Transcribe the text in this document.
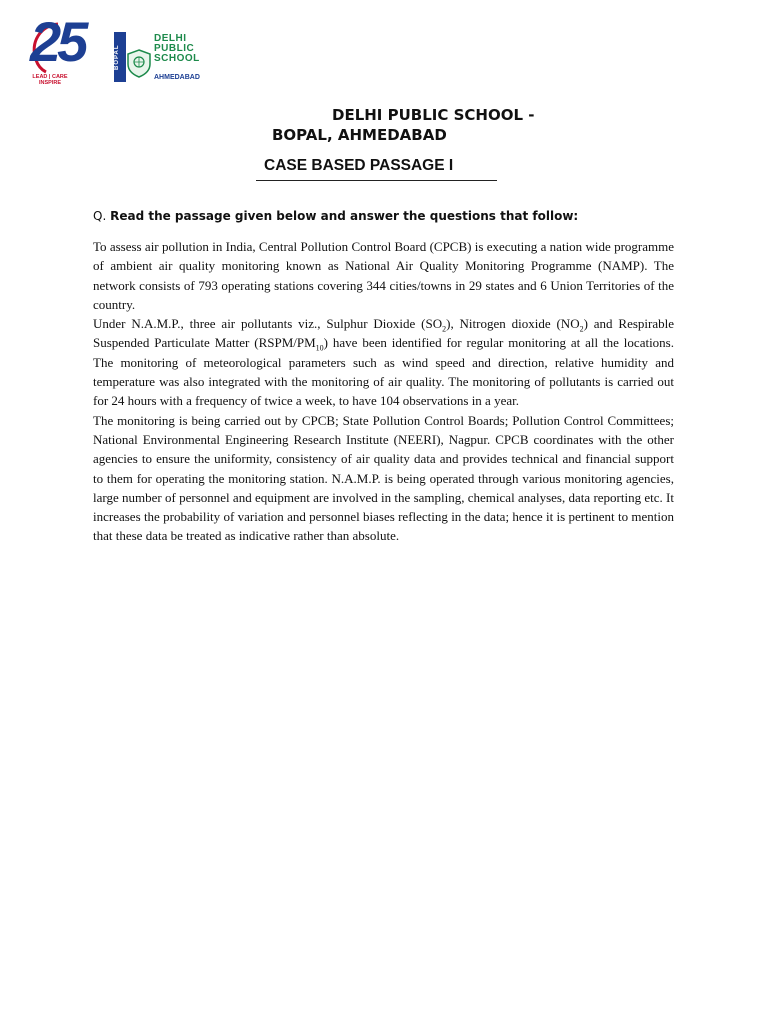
25
LEAD | CARE INSPIRE
BOPAL
DELHI
PUBLIC
SCHOOL
AHMEDABAD
DELHI PUBLIC SCHOOL -
BOPAL, AHMEDABAD
CASE BASED PASSAGE I
Q. Read the passage given below and answer the questions that follow:

To assess air pollution in India, Central Pollution Control Board (CPCB) is executing a nation wide programme of ambient air quality monitoring known as National Air Quality Monitoring Programme (NAMP). The network consists of 793 operating stations covering 344 cities/towns in 29 states and 6 Union Territories of the country.

Under N.A.M.P., three air pollutants viz., Sulphur Dioxide $(SO_2)$, Nitrogen dioxide $(NO_2)$ and Respirable Suspended Particulate Matter $(RSPM/PM_{10})$ have been identified for regular monitoring at all the locations. The monitoring of meteorological parameters such as wind speed and direction, relative humidity and temperature was also integrated with the monitoring of air quality. The monitoring of pollutants is carried out for 24 hours with a frequency of twice a week, to have 104 observations in a year.

The monitoring is being carried out by CPCB; State Pollution Control Boards; Pollution Control Committees; National Environmental Engineering Research Institute (NEERI), Nagpur. CPCB coordinates with the other agencies to ensure the uniformity, consistency of air quality data and provides technical and financial support to them for operating the monitoring station. N.A.M.P. is being operated through various monitoring agencies, large number of personnel and equipment are involved in the sampling, chemical analyses, data reporting etc. It increases the probability of variation and personnel biases reflecting in the data; hence it is pertinent to mention that these data be treated as indicative rather than absolute.
